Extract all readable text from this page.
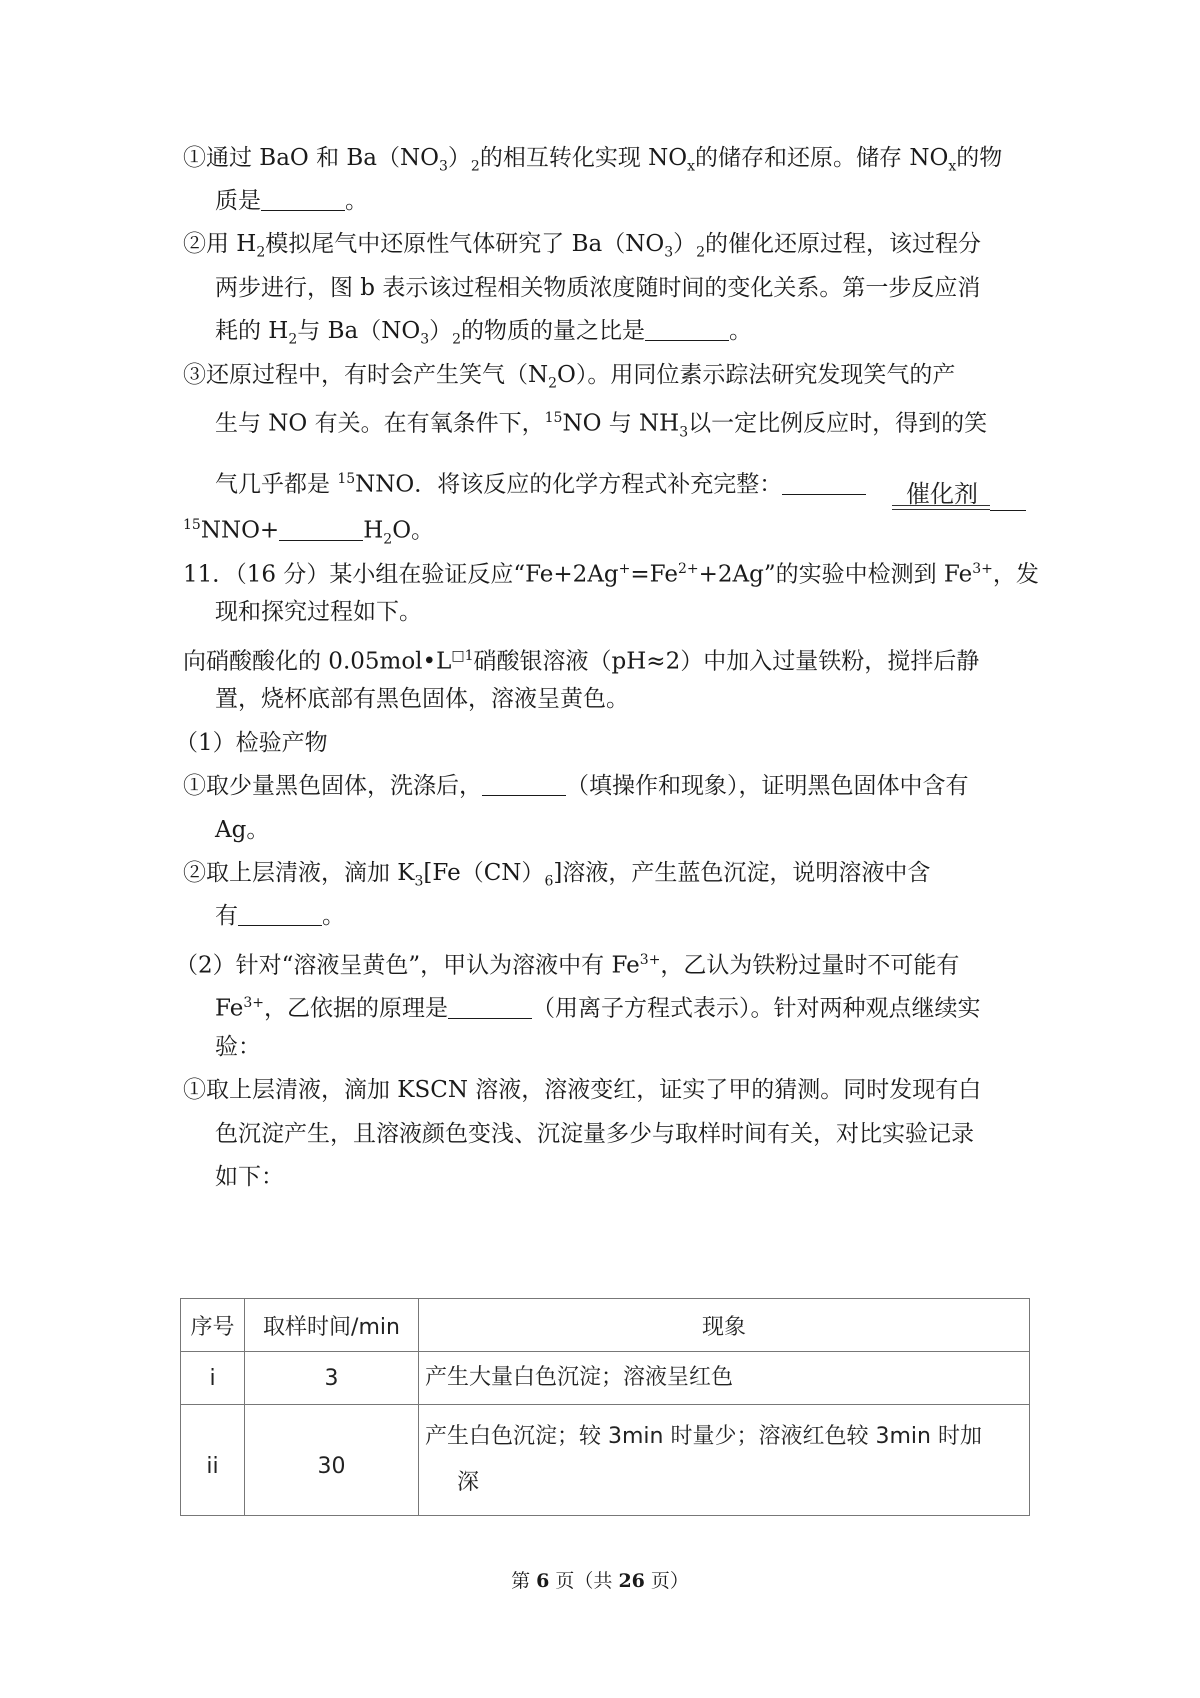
①通过 BaO 和 $Ba(NO_3)_2$的相互转化实现 $NO_x$的储存和还原。储存 $NO_x$的物
质是	。
②用 $H_2$模拟尾气中还原性气体研究了 $Ba(NO_3)_2$的催化还原过程，该过程分
两步进行，图 b 表示该过程相关物质浓度随时间的变化关系。第一步反应消
耗的 $H_2$与 $Ba(NO_3)_2$的物质的量之比是	。
③还原过程中，有时会产生笑气$(N_2O)$。用同位素示踪法研究发现笑气的产
生与 NO 有关。在有氧条件下，$^{15}$NO 与 $NH_3$以一定比例反应时，得到的笑
气几乎都是 $^{15}$NNO．将该反应的化学方程式补充完整：	催化剂
$^{15}$NNO+	$H_2O$。
11．（16 分）某小组在验证反应“$Fe+2Ag^+=Fe^{2+}+2Ag$”的实验中检测到 $Fe^{3+}$，发
现和探究过程如下。
向硝酸酸化的 $0.05mol•L^{□1}$硝酸银溶液（pH≈2）中加入过量铁粉，搅拌后静
置，烧杯底部有黑色固体，溶液呈黄色。
（1）检验产物
①取少量黑色固体，洗涤后，	（填操作和现象），证明黑色固体中含有
Ag。
②取上层清液，滴加 $K_3[Fe(CN)_6]$溶液，产生蓝色沉淀，说明溶液中含
有	。
（2）针对“溶液呈黄色”，甲认为溶液中有 $Fe^{3+}$，乙认为铁粉过量时不可能有
$Fe^{3+}$，乙依据的原理是	（用离子方程式表示）。针对两种观点继续实
验：
①取上层清液，滴加 KSCN 溶液，溶液变红，证实了甲的猜测。同时发现有白
色沉淀产生，且溶液颜色变浅、沉淀量多少与取样时间有关，对比实验记录
如下：
序号	取样时间/min	现象
i	3	产生大量白色沉淀；溶液呈红色
ii	30	产生白色沉淀；较 3min 时量少；溶液红色较 3min 时加
深
第 6 页（共 26 页）
